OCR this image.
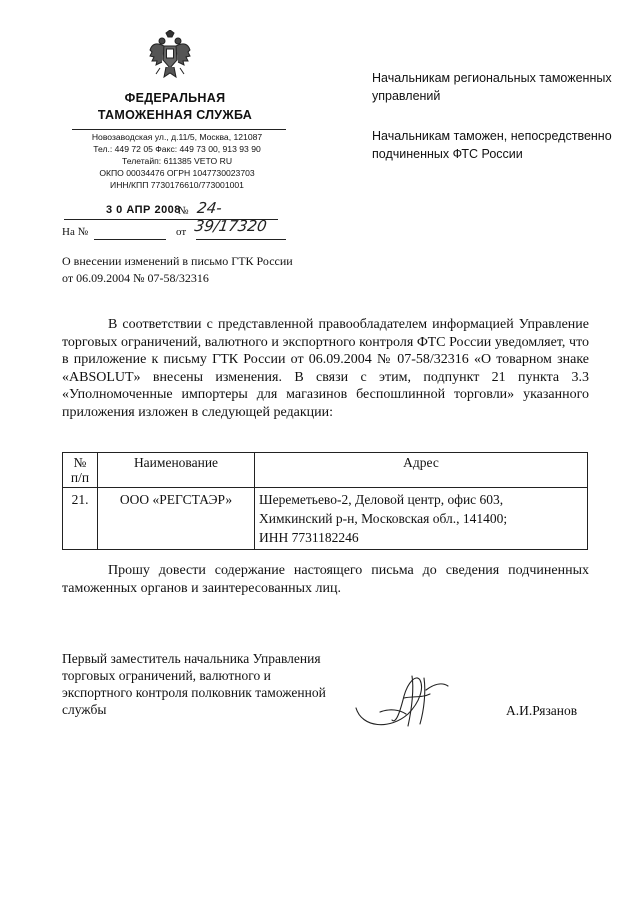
ФЕДЕРАЛЬНАЯ
ТАМОЖЕННАЯ СЛУЖБА
Новозаводская ул., д.11/5, Москва, 121087
Тел.: 449 72 05 Факс: 449 73 00, 913 93 90
Телетайп: 611385 VETO RU
ОКПО 00034476 ОГРН 1047730023703
ИНН/КПП 7730176610/773001001
3 0 АПР 2008
№ 24-39/17320
На №	от
О внесении изменений в письмо ГТК России от 06.09.2004 № 07-58/32316
Начальникам региональных таможенных управлений
Начальникам таможен, непосредственно подчиненных ФТС России
В соответствии с представленной правообладателем информацией Управление торговых ограничений, валютного и экспортного контроля ФТС России уведомляет, что в приложение к письму ГТК России от 06.09.2004 № 07-58/32316 «О товарном знаке «ABSOLUT» внесены изменения. В связи с этим, подпункт 21 пункта 3.3 «Уполномоченные импортеры для магазинов беспошлинной торговли» указанного приложения изложен в следующей редакции:
№ п/п	Наименование	Адрес
21.	ООО «РЕГСТАЭР»	Шереметьево-2, Деловой центр, офис 603,
Химкинский р-н, Московская обл., 141400;
ИНН 7731182246
Прошу довести содержание настоящего письма до сведения подчиненных таможенных органов и заинтересованных лиц.
Первый заместитель начальника Управления торговых ограничений, валютного и экспортного контроля полковник таможенной службы	А.И.Рязанов
